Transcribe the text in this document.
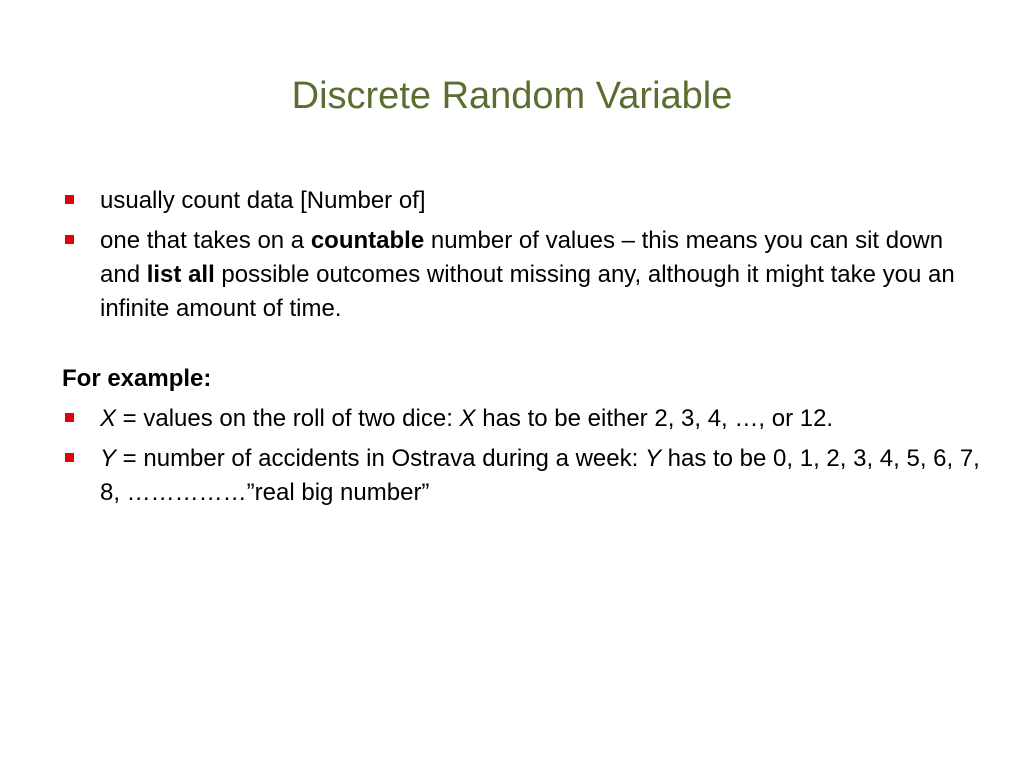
Discrete Random Variable
usually count data [Number of]
one that takes on a countable number of values – this means you can sit down and list all possible outcomes without missing any, although it might take you an infinite amount of time.
For example:
X = values on the roll of two dice: X has to be either 2, 3, 4, …, or 12.
Y = number of accidents in Ostrava during a week: Y has to be 0, 1, 2, 3, 4, 5, 6, 7, 8, ……………”real big number”
